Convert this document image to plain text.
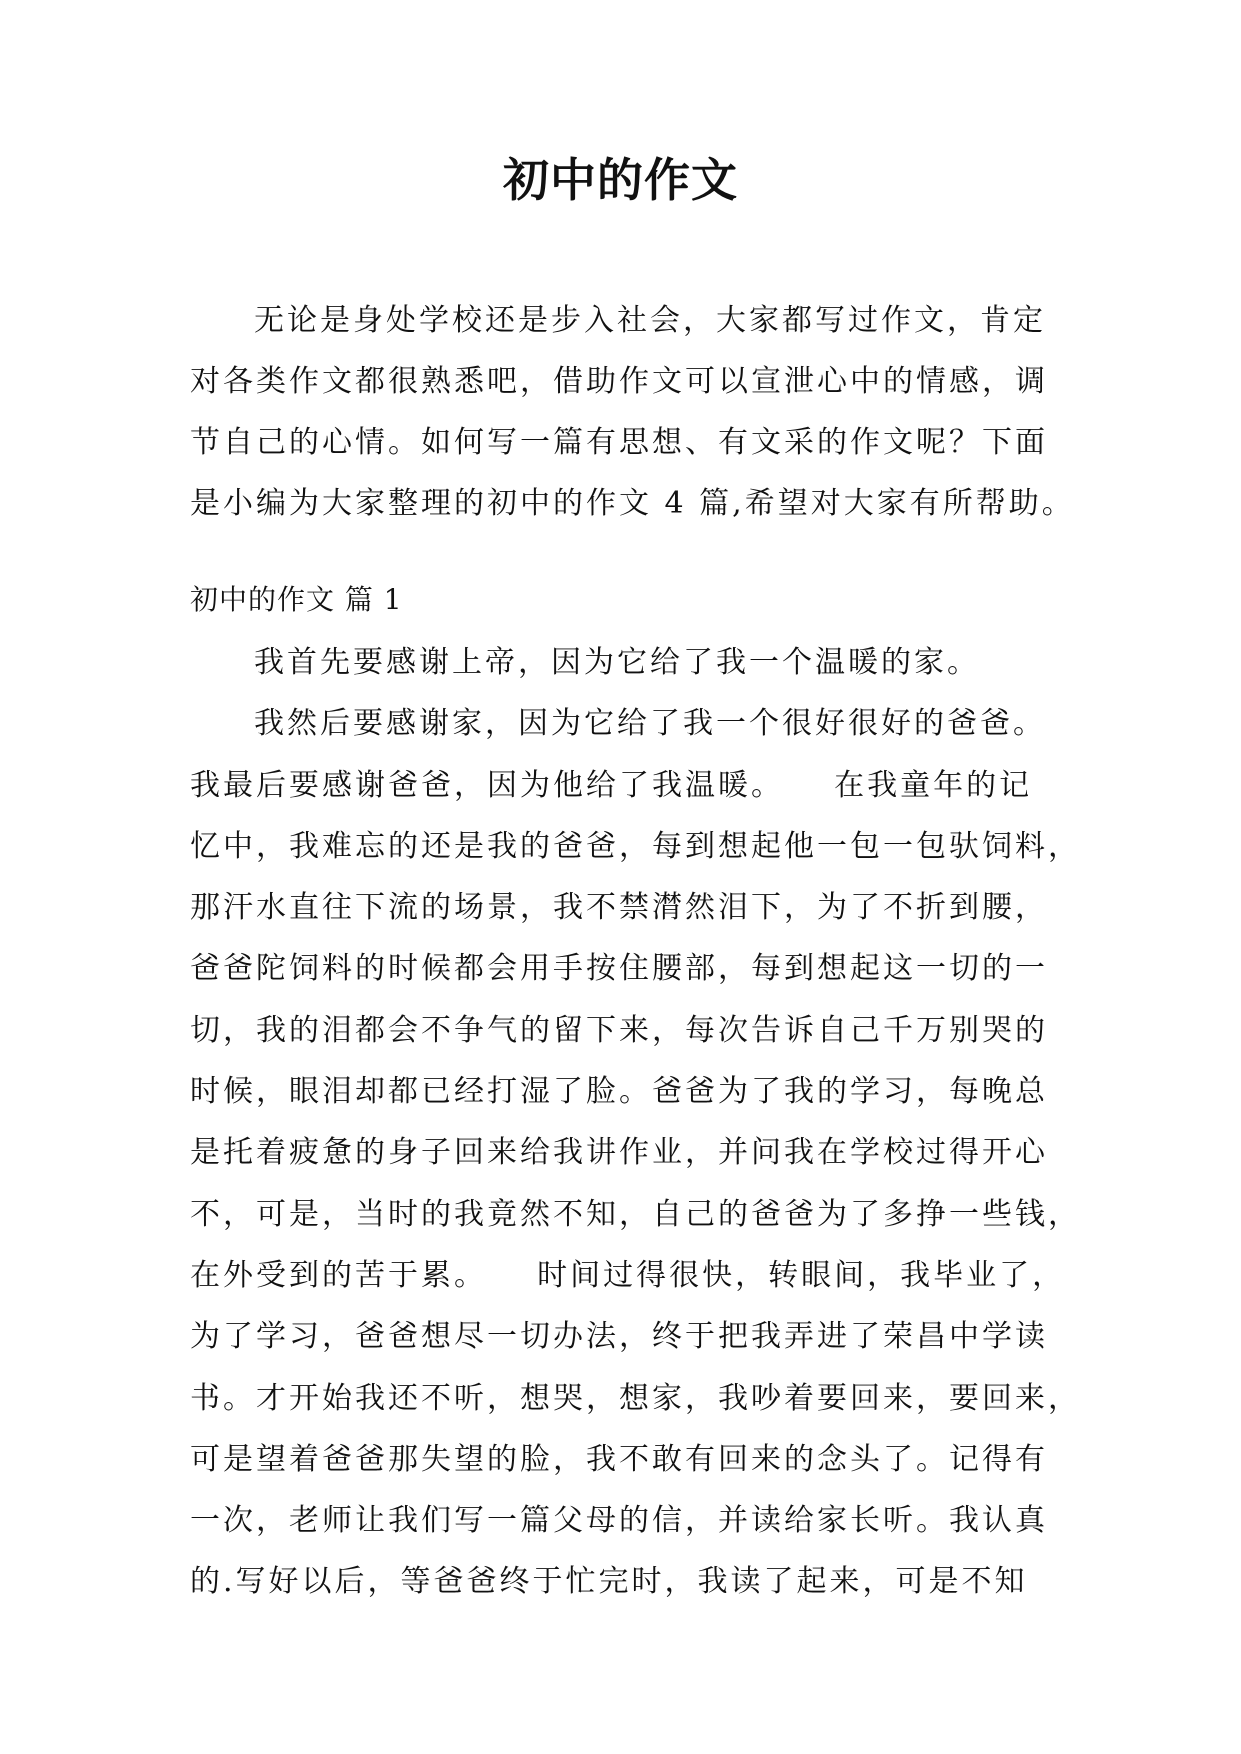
初中的作文
无论是身处学校还是步入社会，大家都写过作文，肯定
对各类作文都很熟悉吧，借助作文可以宣泄心中的情感，调
节自己的心情。如何写一篇有思想、有文采的作文呢？下面
是小编为大家整理的初中的作文 4 篇,希望对大家有所帮助。
初中的作文 篇 1
我首先要感谢上帝，因为它给了我一个温暖的家。
我然后要感谢家，因为它给了我一个很好很好的爸爸。
我最后要感谢爸爸，因为他给了我温暖。    在我童年的记
忆中，我难忘的还是我的爸爸，每到想起他一包一包驮饲料，
那汗水直往下流的场景，我不禁潸然泪下，为了不折到腰，
爸爸陀饲料的时候都会用手按住腰部，每到想起这一切的一
切，我的泪都会不争气的留下来，每次告诉自己千万别哭的
时候，眼泪却都已经打湿了脸。爸爸为了我的学习，每晚总
是托着疲惫的身子回来给我讲作业，并问我在学校过得开心
不，可是，当时的我竟然不知，自己的爸爸为了多挣一些钱，
在外受到的苦于累。    时间过得很快，转眼间，我毕业了，
为了学习，爸爸想尽一切办法，终于把我弄进了荣昌中学读
书。才开始我还不听，想哭，想家，我吵着要回来，要回来，
可是望着爸爸那失望的脸，我不敢有回来的念头了。记得有
一次，老师让我们写一篇父母的信，并读给家长听。我认真
的.写好以后，等爸爸终于忙完时，我读了起来，可是不知
